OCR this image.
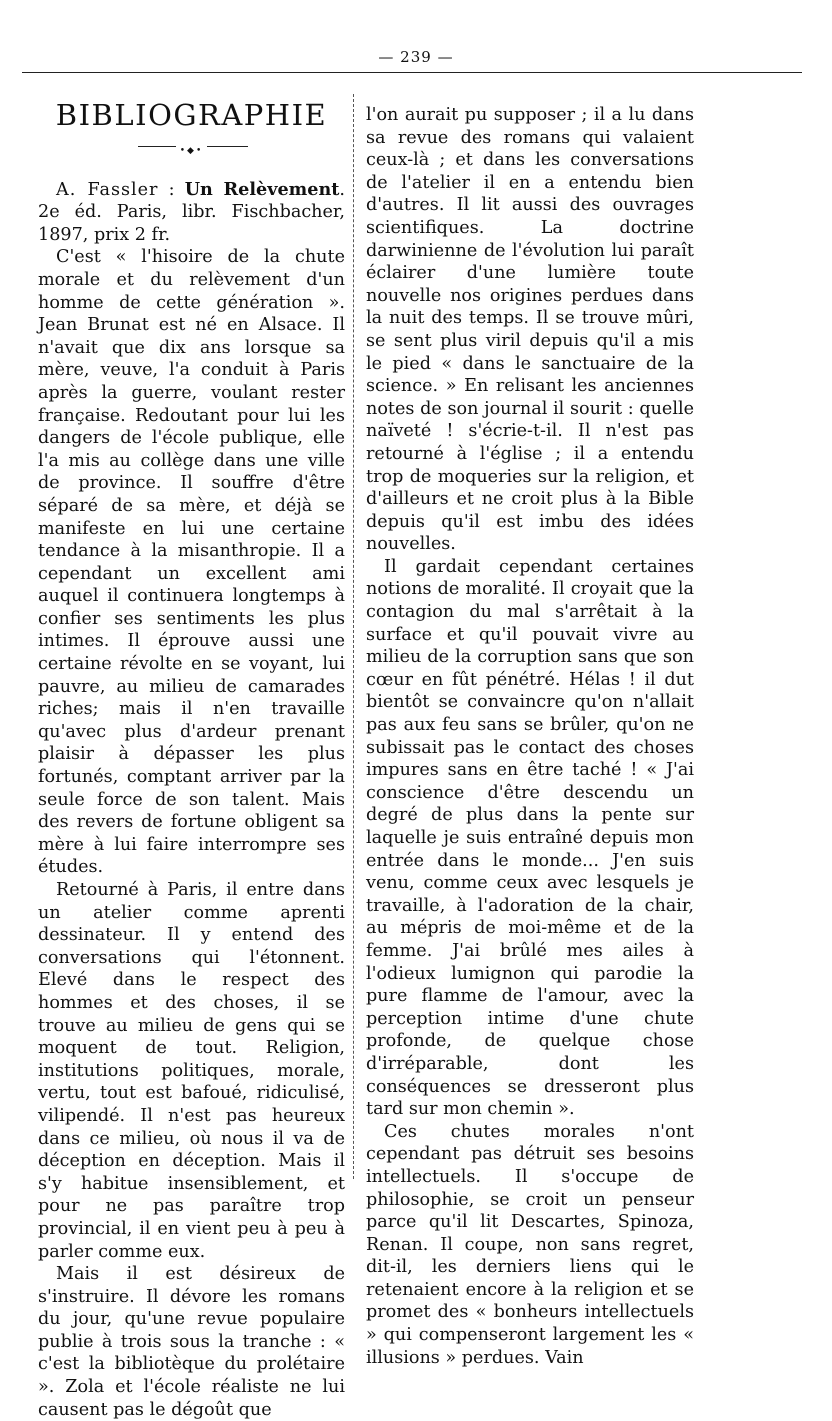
— 239 —
BIBLIOGRAPHIE
•◆•

A. Fassler : Un Relèvement. 2e éd. Paris, libr. Fischbacher, 1897, prix 2 fr.

C'est « l'hisoire de la chute morale et du relèvement d'un homme de cette génération ». Jean Brunat est né en Alsace. Il n'avait que dix ans lorsque sa mère, veuve, l'a conduit à Paris après la guerre, voulant rester française. Redoutant pour lui les dangers de l'école publique, elle l'a mis au collège dans une ville de province. Il souffre d'être séparé de sa mère, et déjà se manifeste en lui une certaine tendance à la misanthropie. Il a cependant un excellent ami auquel il continuera longtemps à confier ses sentiments les plus intimes. Il éprouve aussi une certaine révolte en se voyant, lui pauvre, au milieu de camarades riches; mais il n'en travaille qu'avec plus d'ardeur prenant plaisir à dépasser les plus fortunés, comptant arriver par la seule force de son talent. Mais des revers de fortune obligent sa mère à lui faire interrompre ses études.

Retourné à Paris, il entre dans un atelier comme aprenti dessinateur. Il y entend des conversations qui l'étonnent. Elevé dans le respect des hommes et des choses, il se trouve au milieu de gens qui se moquent de tout. Religion, institutions politiques, morale, vertu, tout est bafoué, ridiculisé, vilipendé. Il n'est pas heureux dans ce milieu, où nous il va de déception en déception. Mais il s'y habitue insensiblement, et pour ne pas paraître trop provincial, il en vient peu à peu à parler comme eux.

Mais il est désireux de s'instruire. Il dévore les romans du jour, qu'une revue populaire publie à trois sous la tranche : « c'est la bibliotèque du prolétaire ». Zola et l'école réaliste ne lui causent pas le dégoût que

l'on aurait pu supposer ; il a lu dans sa revue des romans qui valaient ceux-là ; et dans les conversations de l'atelier il en a entendu bien d'autres. Il lit aussi des ouvrages scientifiques. La doctrine darwinienne de l'évolution lui paraît éclairer d'une lumière toute nouvelle nos origines perdues dans la nuit des temps. Il se trouve mûri, se sent plus viril depuis qu'il a mis le pied « dans le sanctuaire de la science. » En relisant les anciennes notes de son journal il sourit : quelle naïveté ! s'écrie-t-il. Il n'est pas retourné à l'église ; il a entendu trop de moqueries sur la religion, et d'ailleurs et ne croit plus à la Bible depuis qu'il est imbu des idées nouvelles.

Il gardait cependant certaines notions de moralité. Il croyait que la contagion du mal s'arrêtait à la surface et qu'il pouvait vivre au milieu de la corruption sans que son cœur en fût pénétré. Hélas ! il dut bientôt se convaincre qu'on n'allait pas aux feu sans se brûler, qu'on ne subissait pas le contact des choses impures sans en être taché ! « J'ai conscience d'être descendu un degré de plus dans la pente sur laquelle je suis entraîné depuis mon entrée dans le monde... J'en suis venu, comme ceux avec lesquels je travaille, à l'adoration de la chair, au mépris de moi-même et de la femme. J'ai brûlé mes ailes à l'odieux lumignon qui parodie la pure flamme de l'amour, avec la perception intime d'une chute profonde, de quelque chose d'irréparable, dont les conséquences se dresseront plus tard sur mon chemin ».

Ces chutes morales n'ont cependant pas détruit ses besoins intellectuels. Il s'occupe de philosophie, se croit un penseur parce qu'il lit Descartes, Spinoza, Renan. Il coupe, non sans regret, dit-il, les derniers liens qui le retenaient encore à la religion et se promet des « bonheurs intellectuels » qui compenseront largement les « illusions » perdues. Vain
